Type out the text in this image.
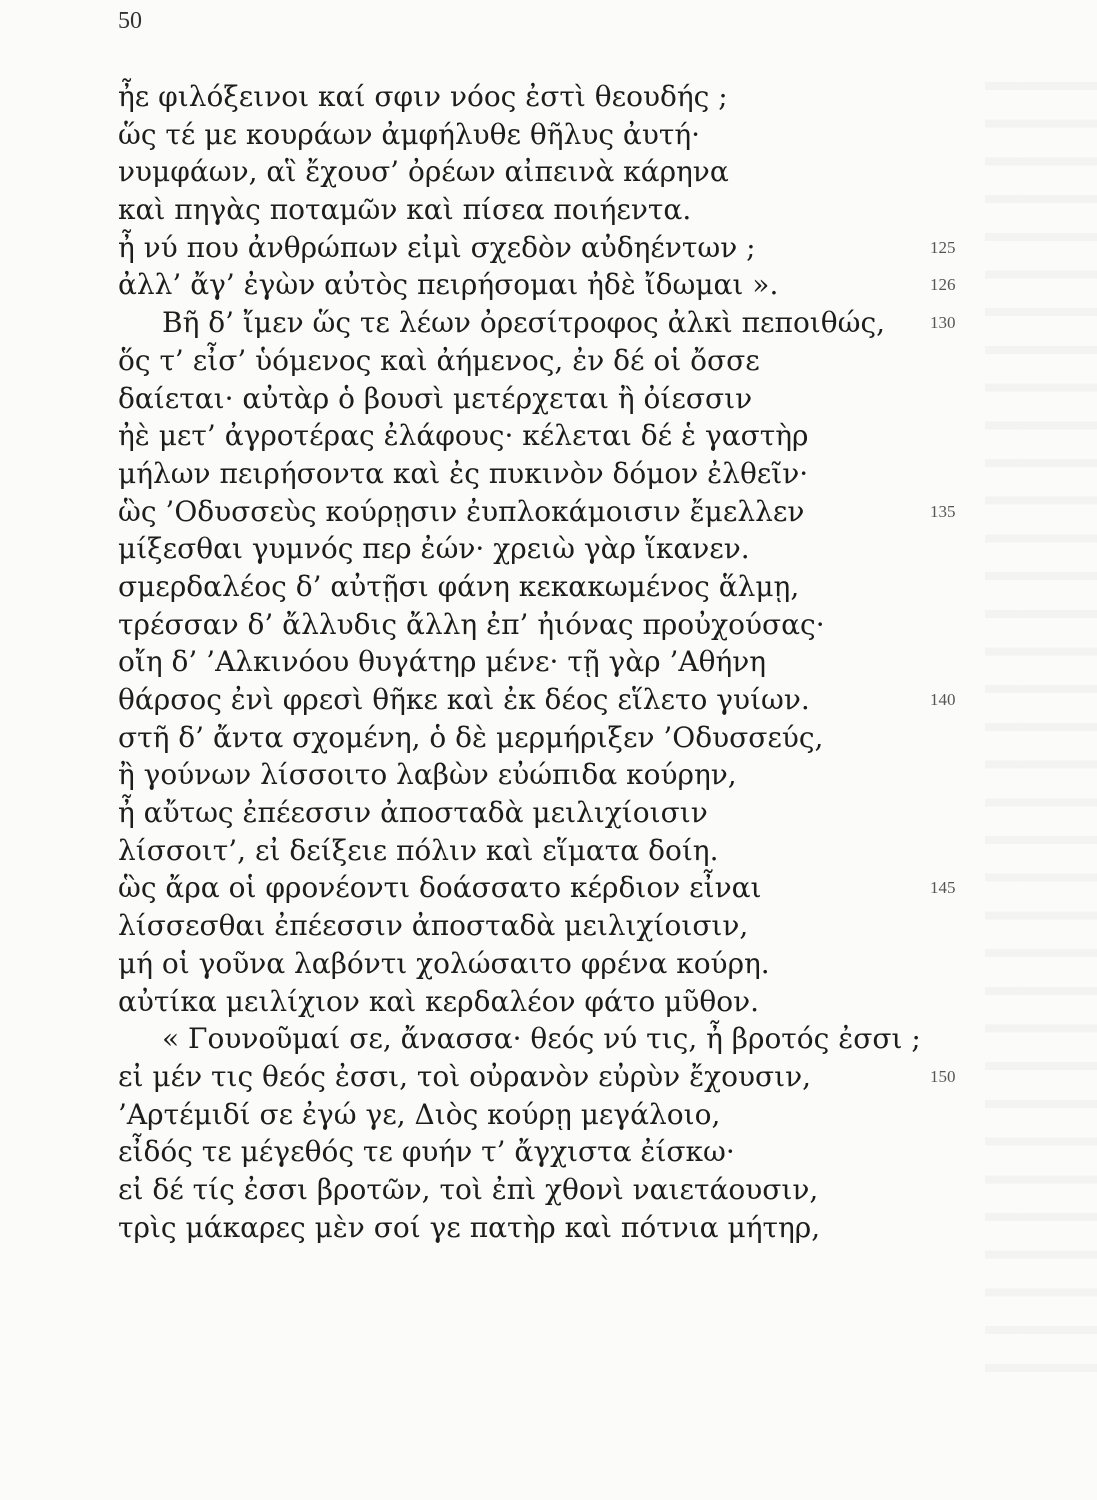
50
ἦε φιλόξεινοι καί σφιν νόος ἐστὶ θεουδής ;
ὥς τέ με κουράων ἀμφήλυθε θῆλυς ἀυτή·
νυμφάων, αἳ ἔχουσ’ ὀρέων αἰπεινὰ κάρηνα
καὶ πηγὰς ποταμῶν καὶ πίσεα ποιήεντα.
ἦ νύ που ἀνθρώπων εἰμὶ σχεδὸν αὐδηέντων ;	125
ἀλλ’ ἄγ’ ἐγὼν αὐτὸς πειρήσομαι ἠδὲ ἴδωμαι ».	126
Βῆ δ’ ἴμεν ὥς τε λέων ὀρεσίτροφος ἀλκὶ πεποιθώς,	130
ὅς τ’ εἶσ’ ὑόμενος καὶ ἀήμενος, ἐν δέ οἱ ὄσσε
δαίεται· αὐτὰρ ὁ βουσὶ μετέρχεται ἢ ὀίεσσιν
ἠὲ μετ’ ἀγροτέρας ἐλάφους· κέλεται δέ ἑ γαστὴρ
μήλων πειρήσοντα καὶ ἐς πυκινὸν δόμον ἐλθεῖν·
ὣς ’Οδυσσεὺς κούρῃσιν ἐυπλοκάμοισιν ἔμελλεν	135
μίξεσθαι γυμνός περ ἐών· χρειὼ γὰρ ἵκανεν.
σμερδαλέος δ’ αὐτῇσι φάνη κεκακωμένος ἅλμῃ,
τρέσσαν δ’ ἄλλυδις ἄλλη ἐπ’ ἠιόνας προὐχούσας·
οἴη δ’ ’Αλκινόου θυγάτηρ μένε· τῇ γὰρ ’Αθήνη
θάρσος ἐνὶ φρεσὶ θῆκε καὶ ἐκ δέος εἵλετο γυίων.	140
στῆ δ’ ἄντα σχομένη, ὁ δὲ μερμήριξεν ’Οδυσσεύς,
ἢ γούνων λίσσοιτο λαβὼν εὐώπιδα κούρην,
ἦ αὔτως ἐπέεσσιν ἀποσταδὰ μειλιχίοισιν
λίσσοιτ’, εἰ δείξειε πόλιν καὶ εἵματα δοίη.
ὣς ἄρα οἱ φρονέοντι δοάσσατο κέρδιον εἶναι	145
λίσσεσθαι ἐπέεσσιν ἀποσταδὰ μειλιχίοισιν,
μή οἱ γοῦνα λαβόντι χολώσαιτο φρένα κούρη.
αὐτίκα μειλίχιον καὶ κερδαλέον φάτο μῦθον.
« Γουνοῦμαί σε, ἄνασσα· θεός νύ τις, ἦ βροτός ἐσσι ;
εἰ μέν τις θεός ἐσσι, τοὶ οὐρανὸν εὐρὺν ἔχουσιν,	150
’Αρτέμιδί σε ἐγώ γε, Διὸς κούρῃ μεγάλοιο,
εἶδός τε μέγεθός τε φυήν τ’ ἄγχιστα ἐίσκω·
εἰ δέ τίς ἐσσι βροτῶν, τοὶ ἐπὶ χθονὶ ναιετάουσιν,
τρὶς μάκαρες μὲν σοί γε πατὴρ καὶ πότνια μήτηρ,
